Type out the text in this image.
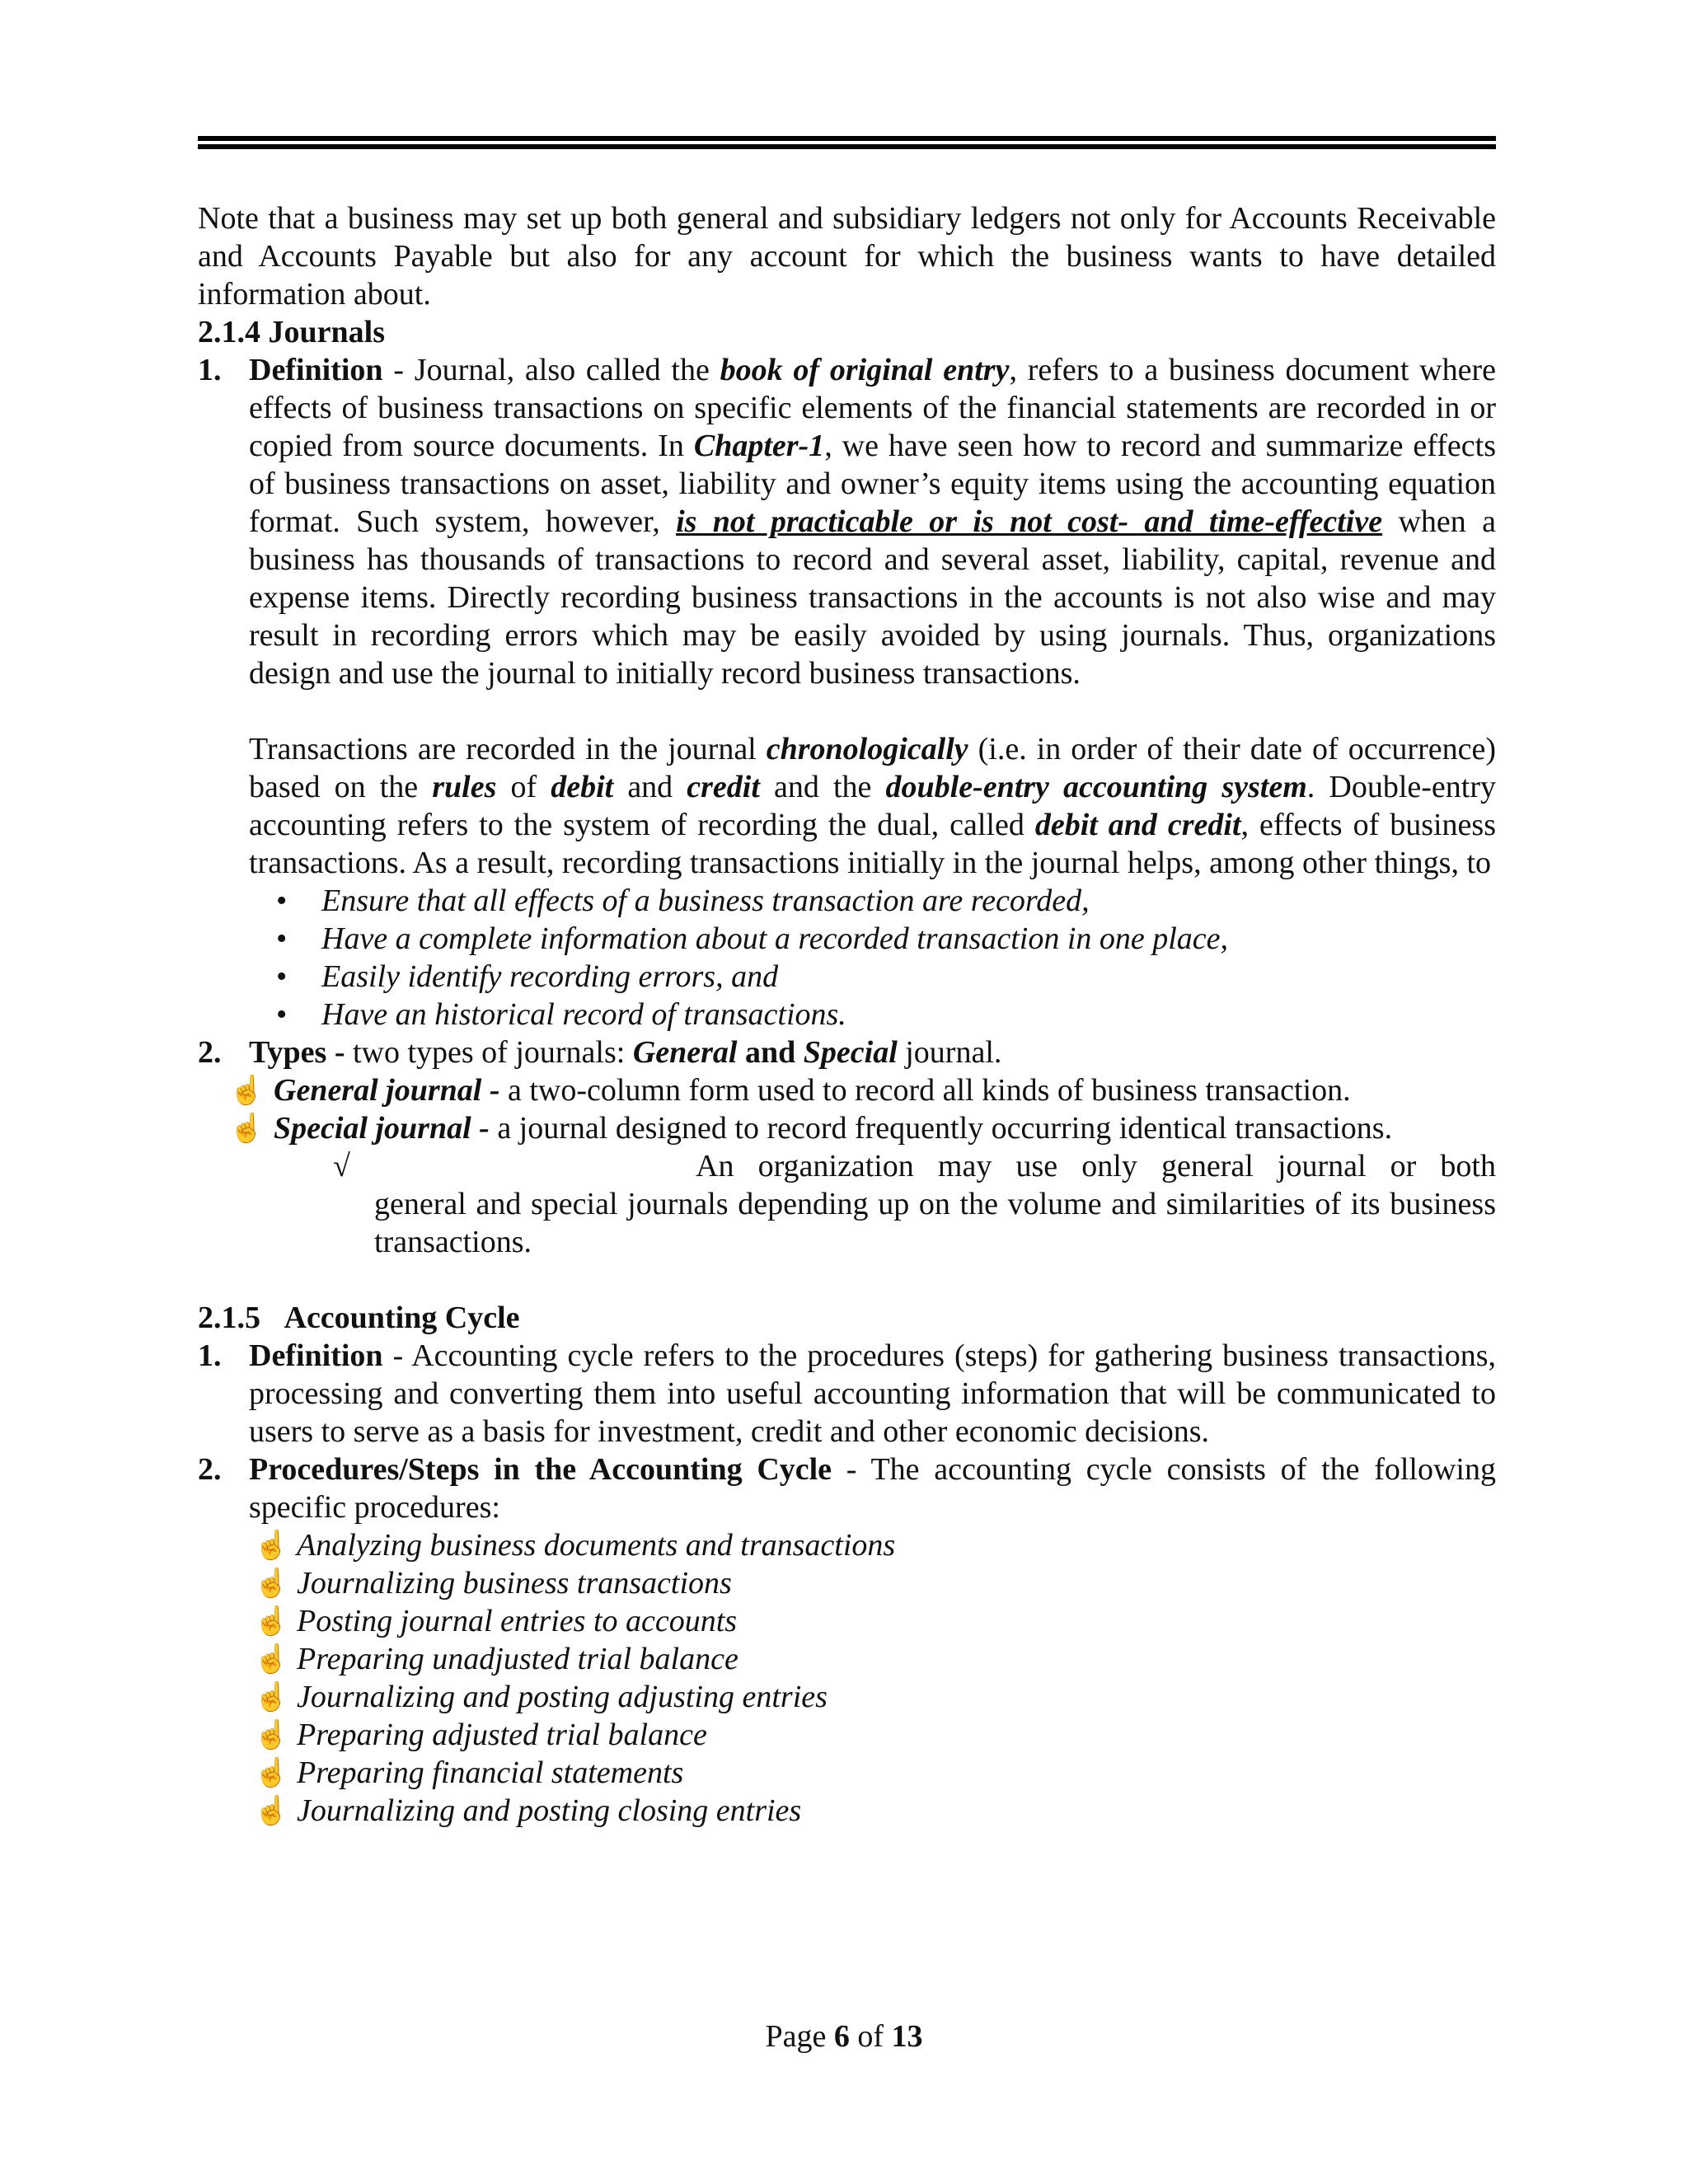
Note that a business may set up both general and subsidiary ledgers not only for Accounts Receivable and Accounts Payable but also for any account for which the business wants to have detailed information about.

2.1.4 Journals
1. Definition - Journal, also called the book of original entry, refers to a business document where effects of business transactions on specific elements of the financial statements are recorded in or copied from source documents. In Chapter-1, we have seen how to record and summarize effects of business transactions on asset, liability and owner’s equity items using the accounting equation format. Such system, however, is not practicable or is not cost- and time-effective when a business has thousands of transactions to record and several asset, liability, capital, revenue and expense items. Directly recording business transactions in the accounts is not also wise and may result in recording errors which may be easily avoided by using journals. Thus, organizations design and use the journal to initially record business transactions.

Transactions are recorded in the journal chronologically (i.e. in order of their date of occurrence) based on the rules of debit and credit and the double-entry accounting system. Double-entry accounting refers to the system of recording the dual, called debit and credit, effects of business transactions. As a result, recording transactions initially in the journal helps, among other things, to

• Ensure that all effects of a business transaction are recorded,
• Have a complete information about a recorded transaction in one place,
• Easily identify recording errors, and
• Have an historical record of transactions.
2. Types - two types of journals: General and Special journal.
☝ General journal - a two-column form used to record all kinds of business transaction.
☝ Special journal - a journal designed to record frequently occurring identical transactions.
√	An organization may use only general journal or both
general and special journals depending up on the volume and similarities of its business transactions.
2.1.5   Accounting Cycle
1. Definition - Accounting cycle refers to the procedures (steps) for gathering business transactions, processing and converting them into useful accounting information that will be communicated to users to serve as a basis for investment, credit and other economic decisions.

2. Procedures/Steps in the Accounting Cycle - The accounting cycle consists of the following specific procedures:

☝ Analyzing business documents and transactions
☝ Journalizing business transactions
☝ Posting journal entries to accounts
☝ Preparing unadjusted trial balance
☝ Journalizing and posting adjusting entries
☝ Preparing adjusted trial balance
☝ Preparing financial statements
☝ Journalizing and posting closing entries
Page 6 of 13
